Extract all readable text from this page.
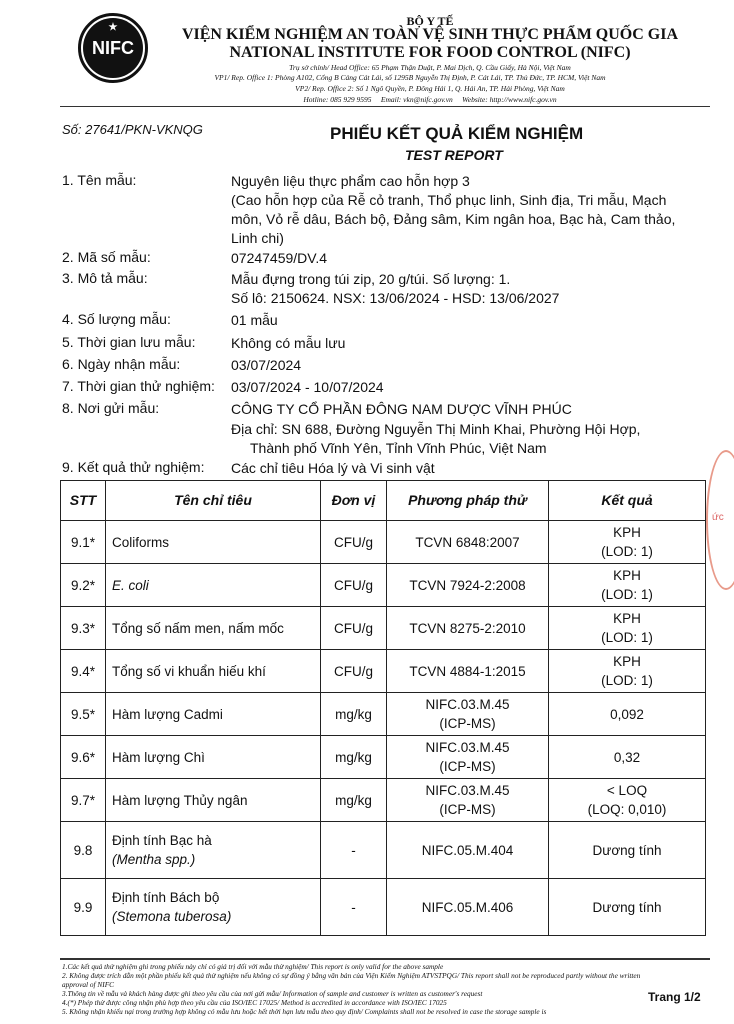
★
NIFC
BỘ Y TẾ
VIỆN KIỂM NGHIỆM AN TOÀN VỆ SINH THỰC PHẨM QUỐC GIA
NATIONAL INSTITUTE FOR FOOD CONTROL (NIFC)
Trụ sở chính/ Head Office: 65 Phạm Thận Duật, P. Mai Dịch, Q. Cầu Giấy, Hà Nội, Việt Nam
VP1/ Rep. Office 1: Phòng A102, Cổng B Cảng Cát Lái, số 1295B Nguyễn Thị Định, P. Cát Lái, TP. Thủ Đức, TP. HCM, Việt Nam
VP2/ Rep. Office 2: Số 1 Ngô Quyền, P. Đông Hải 1, Q. Hải An, TP. Hải Phòng, Việt Nam
Hotline: 085 929 9595     Email: vkn@nifc.gov.vn     Website: http://www.nifc.gov.vn
Số: 27641/PKN-VKNQG	PHIẾU KẾT QUẢ KIỂM NGHIỆM
TEST REPORT
1. Tên mẫu:	Nguyên liệu thực phẩm cao hỗn hợp 3
(Cao hỗn hợp của Rễ cỏ tranh, Thổ phục linh, Sinh địa, Tri mẫu, Mạch môn, Vỏ rễ dâu, Bách bộ, Đảng sâm, Kim ngân hoa, Bạc hà, Cam thảo, Linh chi)
2. Mã số mẫu:	07247459/DV.4
3. Mô tả mẫu:	Mẫu đựng trong túi zip, 20 g/túi. Số lượng: 1.
Số lô: 2150624. NSX: 13/06/2024 - HSD: 13/06/2027
4. Số lượng mẫu:	01 mẫu
5. Thời gian lưu mẫu:	Không có mẫu lưu
6. Ngày nhận mẫu:	03/07/2024
7. Thời gian thử nghiệm: 03/07/2024 - 10/07/2024
8. Nơi gửi mẫu:	CÔNG TY CỔ PHẦN ĐÔNG NAM DƯỢC VĨNH PHÚC
Địa chỉ: SN 688, Đường Nguyễn Thị Minh Khai, Phường Hội Hợp,
Thành phố Vĩnh Yên, Tỉnh Vĩnh Phúc, Việt Nam
9. Kết quả thử nghiệm: Các chỉ tiêu Hóa lý và Vi sinh vật
STT	Tên chỉ tiêu	Đơn vị	Phương pháp thử	Kết quả
9.1*	Coliforms	CFU/g	TCVN 6848:2007	KPH
(LOD: 1)
9.2*	E. coli	CFU/g	TCVN 7924-2:2008	KPH
(LOD: 1)
9.3*	Tổng số nấm men, nấm mốc	CFU/g	TCVN 8275-2:2010	KPH
(LOD: 1)
9.4*	Tổng số vi khuẩn hiếu khí	CFU/g	TCVN 4884-1:2015	KPH
(LOD: 1)
9.5*	Hàm lượng Cadmi	mg/kg	NIFC.03.M.45
(ICP-MS)	0,092
9.6*	Hàm lượng Chì	mg/kg	NIFC.03.M.45
(ICP-MS)	0,32
9.7*	Hàm lượng Thủy ngân	mg/kg	NIFC.03.M.45
(ICP-MS)	< LOQ
(LOQ: 0,010)
9.8	Định tính Bạc hà
(Mentha spp.)	-	NIFC.05.M.404	Dương tính
9.9	Định tính Bách bộ
(Stemona tuberosa)	-	NIFC.05.M.406	Dương tính
1.Các kết quả thử nghiệm ghi trong phiếu này chỉ có giá trị đối với mẫu thử nghiệm/ This report is only valid for the above sample
2. Không được trích dẫn một phần phiếu kết quả thử nghiệm nếu không có sự đồng ý bằng văn bản của Viện Kiểm Nghiệm ATVSTPQG/ This report shall not be reproduced partly without the written approval of NIFC
3.Thông tin về mẫu và khách hàng được ghi theo yêu cầu của nơi gửi mẫu/ Information of sample and customer is written as customer's request
4.(*) Phép thử được công nhận phù hợp theo yêu cầu của ISO/IEC 17025/ Method is accredited in accordance with ISO/IEC 17025
5. Không nhận khiếu nại trong trường hợp không có mẫu lưu hoặc hết thời hạn lưu mẫu theo quy định/ Complaints shall not be resolved in case the storage sample is
Trang 1/2
ức
